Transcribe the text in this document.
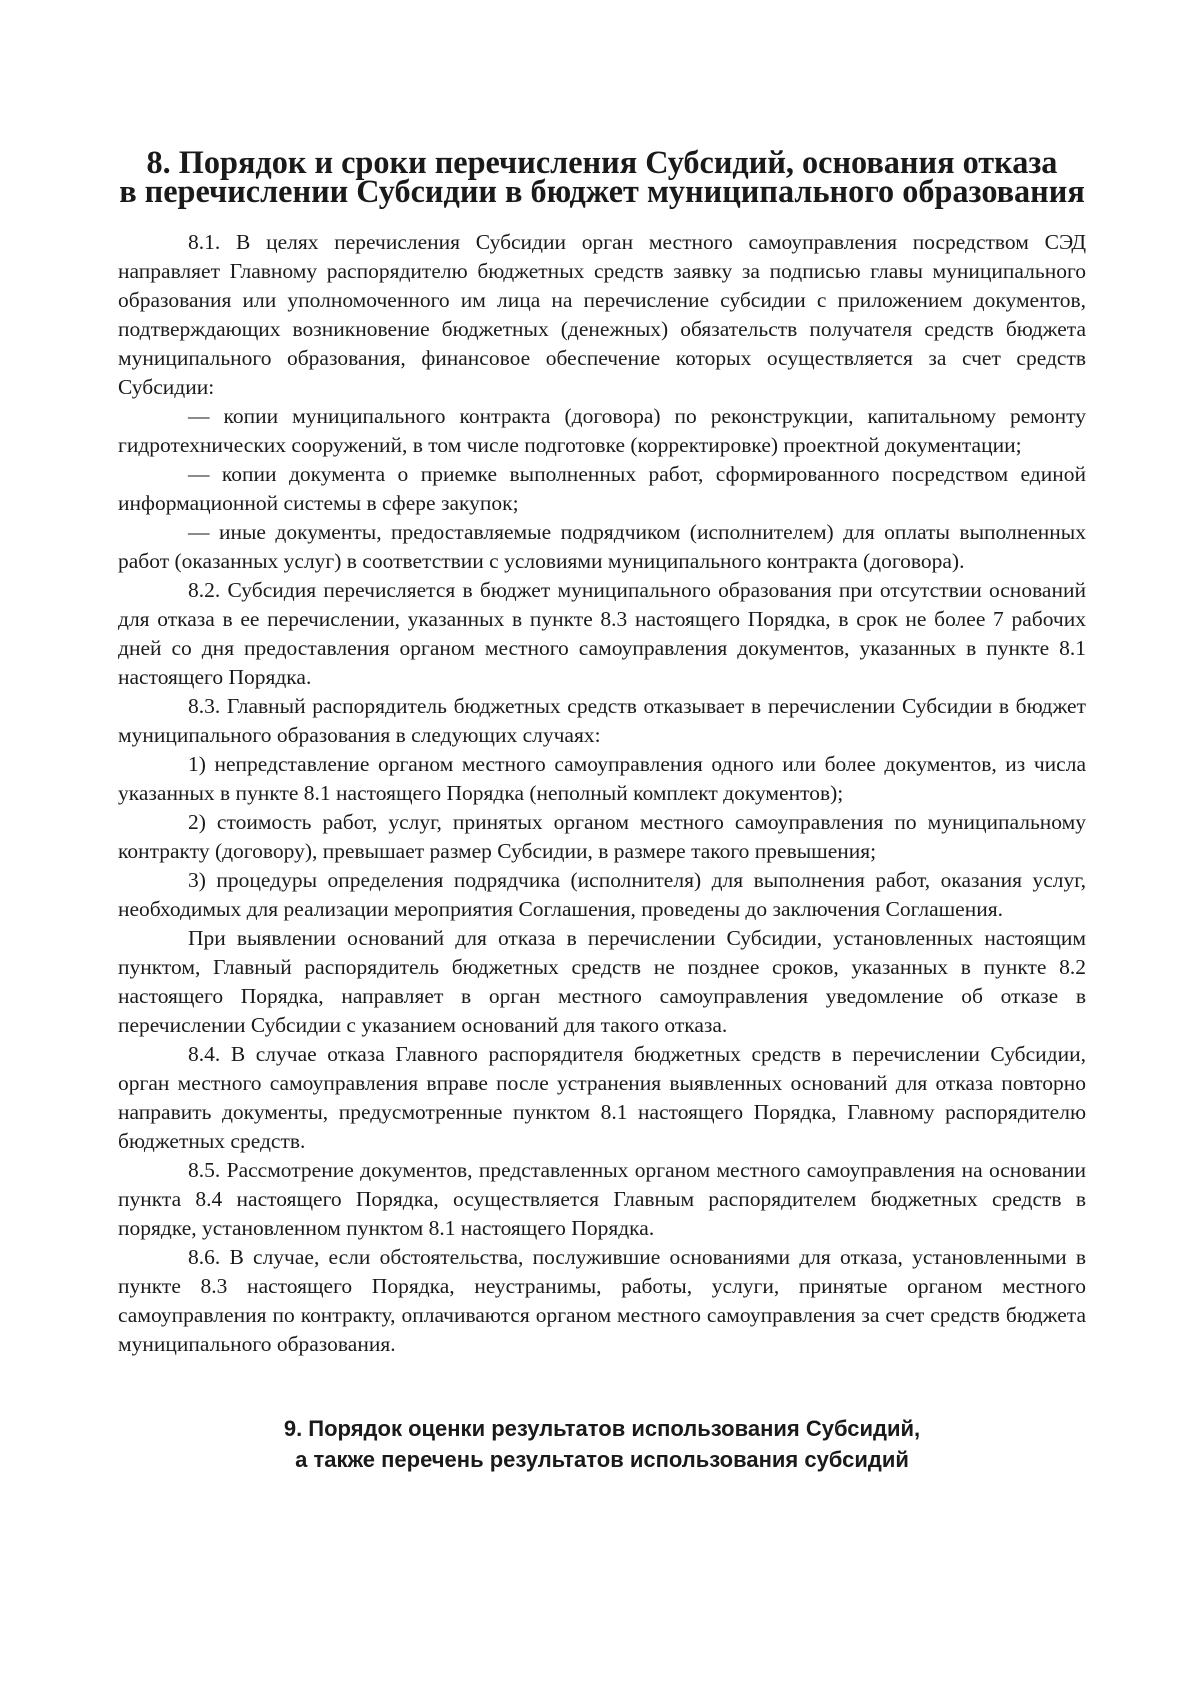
8. Порядок и сроки перечисления Субсидий, основания отказа
в перечислении Субсидии в бюджет муниципального образования

8.1. В целях перечисления Субсидии орган местного самоуправления посредством СЭД направляет Главному распорядителю бюджетных средств заявку за подписью главы муниципального образования или уполномоченного им лица на перечисление субсидии с приложением документов, подтверждающих возникновение бюджетных (денежных) обязательств получателя средств бюджета муниципального образования, финансовое обеспечение которых осуществляется за счет средств Субсидии:

— копии муниципального контракта (договора) по реконструкции, капитальному ремонту гидротехнических сооружений, в том числе подготовке (корректировке) проектной документации;

— копии документа о приемке выполненных работ, сформированного посредством единой информационной системы в сфере закупок;

— иные документы, предоставляемые подрядчиком (исполнителем) для оплаты выполненных работ (оказанных услуг) в соответствии с условиями муниципального контракта (договора).

8.2. Субсидия перечисляется в бюджет муниципального образования при отсутствии оснований для отказа в ее перечислении, указанных в пункте 8.3 настоящего Порядка, в срок не более 7 рабочих дней со дня предоставления органом местного самоуправления документов, указанных в пункте 8.1 настоящего Порядка.

8.3. Главный распорядитель бюджетных средств отказывает в перечислении Субсидии в бюджет муниципального образования в следующих случаях:

1) непредставление органом местного самоуправления одного или более документов, из числа указанных в пункте 8.1 настоящего Порядка (неполный комплект документов);

2) стоимость работ, услуг, принятых органом местного самоуправления по муниципальному контракту (договору), превышает размер Субсидии, в размере такого превышения;

3) процедуры определения подрядчика (исполнителя) для выполнения работ, оказания услуг, необходимых для реализации мероприятия Соглашения, проведены до заключения Соглашения.

При выявлении оснований для отказа в перечислении Субсидии, установленных настоящим пунктом, Главный распорядитель бюджетных средств не позднее сроков, указанных в пункте 8.2 настоящего Порядка, направляет в орган местного самоуправления уведомление об отказе в перечислении Субсидии с указанием оснований для такого отказа.

8.4. В случае отказа Главного распорядителя бюджетных средств в перечислении Субсидии, орган местного самоуправления вправе после устранения выявленных оснований для отказа повторно направить документы, предусмотренные пунктом 8.1 настоящего Порядка, Главному распорядителю бюджетных средств.

8.5. Рассмотрение документов, представленных органом местного самоуправления на основании пункта 8.4 настоящего Порядка, осуществляется Главным распорядителем бюджетных средств в порядке, установленном пунктом 8.1 настоящего Порядка.

8.6. В случае, если обстоятельства, послужившие основаниями для отказа, установленными в пункте 8.3 настоящего Порядка, неустранимы, работы, услуги, принятые органом местного самоуправления по контракту, оплачиваются органом местного самоуправления за счет средств бюджета муниципального образования.

9. Порядок оценки результатов использования Субсидий,
а также перечень результатов использования субсидий
